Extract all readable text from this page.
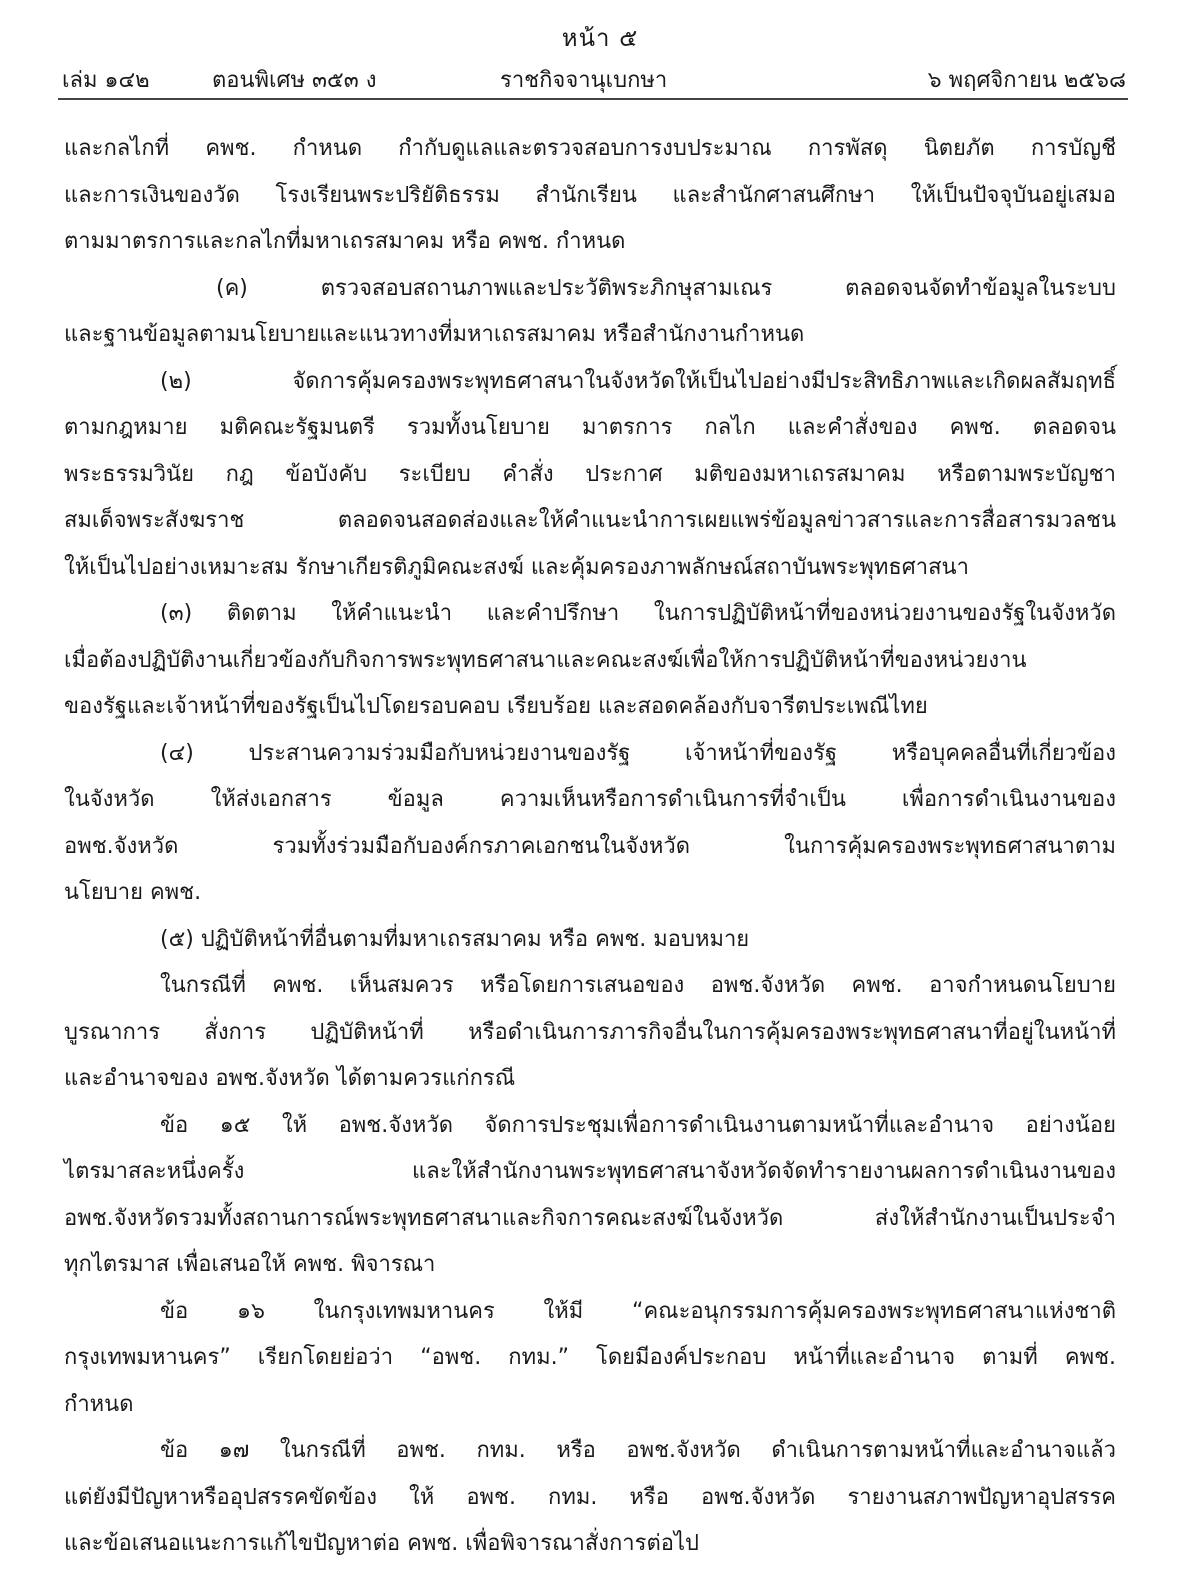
หน้า ๕
เล่ม ๑๔๒	ตอนพิเศษ ๓๕๓ ง	ราชกิจจานุเบกษา	๖ พฤศจิกายน ๒๕๖๘
และกลไกที่ คพช. กำหนด กำกับดูแลและตรวจสอบการงบประมาณ การพัสดุ นิตยภัต การบัญชี
และการเงินของวัด โรงเรียนพระปริยัติธรรม สำนักเรียน และสำนักศาสนศึกษา ให้เป็นปัจจุบันอยู่เสมอ
ตามมาตรการและกลไกที่มหาเถรสมาคม หรือ คพช. กำหนด
(ค) ตรวจสอบสถานภาพและประวัติพระภิกษุสามเณร ตลอดจนจัดทำข้อมูลในระบบ
และฐานข้อมูลตามนโยบายและแนวทางที่มหาเถรสมาคม หรือสำนักงานกำหนด
(๒) จัดการคุ้มครองพระพุทธศาสนาในจังหวัดให้เป็นไปอย่างมีประสิทธิภาพและเกิดผลสัมฤทธิ์
ตามกฎหมาย มติคณะรัฐมนตรี รวมทั้งนโยบาย มาตรการ กลไก และคำสั่งของ คพช. ตลอดจน
พระธรรมวินัย กฎ ข้อบังคับ ระเบียบ คำสั่ง ประกาศ มติของมหาเถรสมาคม หรือตามพระบัญชา
สมเด็จพระสังฆราช ตลอดจนสอดส่องและให้คำแนะนำการเผยแพร่ข้อมูลข่าวสารและการสื่อสารมวลชน
ให้เป็นไปอย่างเหมาะสม รักษาเกียรติภูมิคณะสงฆ์ และคุ้มครองภาพลักษณ์สถาบันพระพุทธศาสนา
(๓) ติดตาม ให้คำแนะนำ และคำปรึกษา ในการปฏิบัติหน้าที่ของหน่วยงานของรัฐในจังหวัด
เมื่อต้องปฏิบัติงานเกี่ยวข้องกับกิจการพระพุทธศาสนาและคณะสงฆ์เพื่อให้การปฏิบัติหน้าที่ของหน่วยงาน
ของรัฐและเจ้าหน้าที่ของรัฐเป็นไปโดยรอบคอบ เรียบร้อย และสอดคล้องกับจารีตประเพณีไทย
(๔) ประสานความร่วมมือกับหน่วยงานของรัฐ เจ้าหน้าที่ของรัฐ หรือบุคคลอื่นที่เกี่ยวข้อง
ในจังหวัด ให้ส่งเอกสาร ข้อมูล ความเห็นหรือการดำเนินการที่จำเป็น เพื่อการดำเนินงานของ
อพช.จังหวัด รวมทั้งร่วมมือกับองค์กรภาคเอกชนในจังหวัด ในการคุ้มครองพระพุทธศาสนาตาม
นโยบาย คพช.
(๕) ปฏิบัติหน้าที่อื่นตามที่มหาเถรสมาคม หรือ คพช. มอบหมาย
ในกรณีที่ คพช. เห็นสมควร หรือโดยการเสนอของ อพช.จังหวัด คพช. อาจกำหนดนโยบาย
บูรณาการ สั่งการ ปฏิบัติหน้าที่ หรือดำเนินการภารกิจอื่นในการคุ้มครองพระพุทธศาสนาที่อยู่ในหน้าที่
และอำนาจของ อพช.จังหวัด ได้ตามควรแก่กรณี
ข้อ ๑๕ ให้ อพช.จังหวัด จัดการประชุมเพื่อการดำเนินงานตามหน้าที่และอำนาจ อย่างน้อย
ไตรมาสละหนึ่งครั้ง และให้สำนักงานพระพุทธศาสนาจังหวัดจัดทำรายงานผลการดำเนินงานของ
อพช.จังหวัดรวมทั้งสถานการณ์พระพุทธศาสนาและกิจการคณะสงฆ์ในจังหวัด ส่งให้สำนักงานเป็นประจำ
ทุกไตรมาส เพื่อเสนอให้ คพช. พิจารณา
ข้อ ๑๖ ในกรุงเทพมหานคร ให้มี “คณะอนุกรรมการคุ้มครองพระพุทธศาสนาแห่งชาติ
กรุงเทพมหานคร” เรียกโดยย่อว่า “อพช. กทม.” โดยมีองค์ประกอบ หน้าที่และอำนาจ ตามที่ คพช.
กำหนด
ข้อ ๑๗ ในกรณีที่ อพช. กทม. หรือ อพช.จังหวัด ดำเนินการตามหน้าที่และอำนาจแล้ว
แต่ยังมีปัญหาหรืออุปสรรคขัดข้อง ให้ อพช. กทม. หรือ อพช.จังหวัด รายงานสภาพปัญหาอุปสรรค
และข้อเสนอแนะการแก้ไขปัญหาต่อ คพช. เพื่อพิจารณาสั่งการต่อไป
